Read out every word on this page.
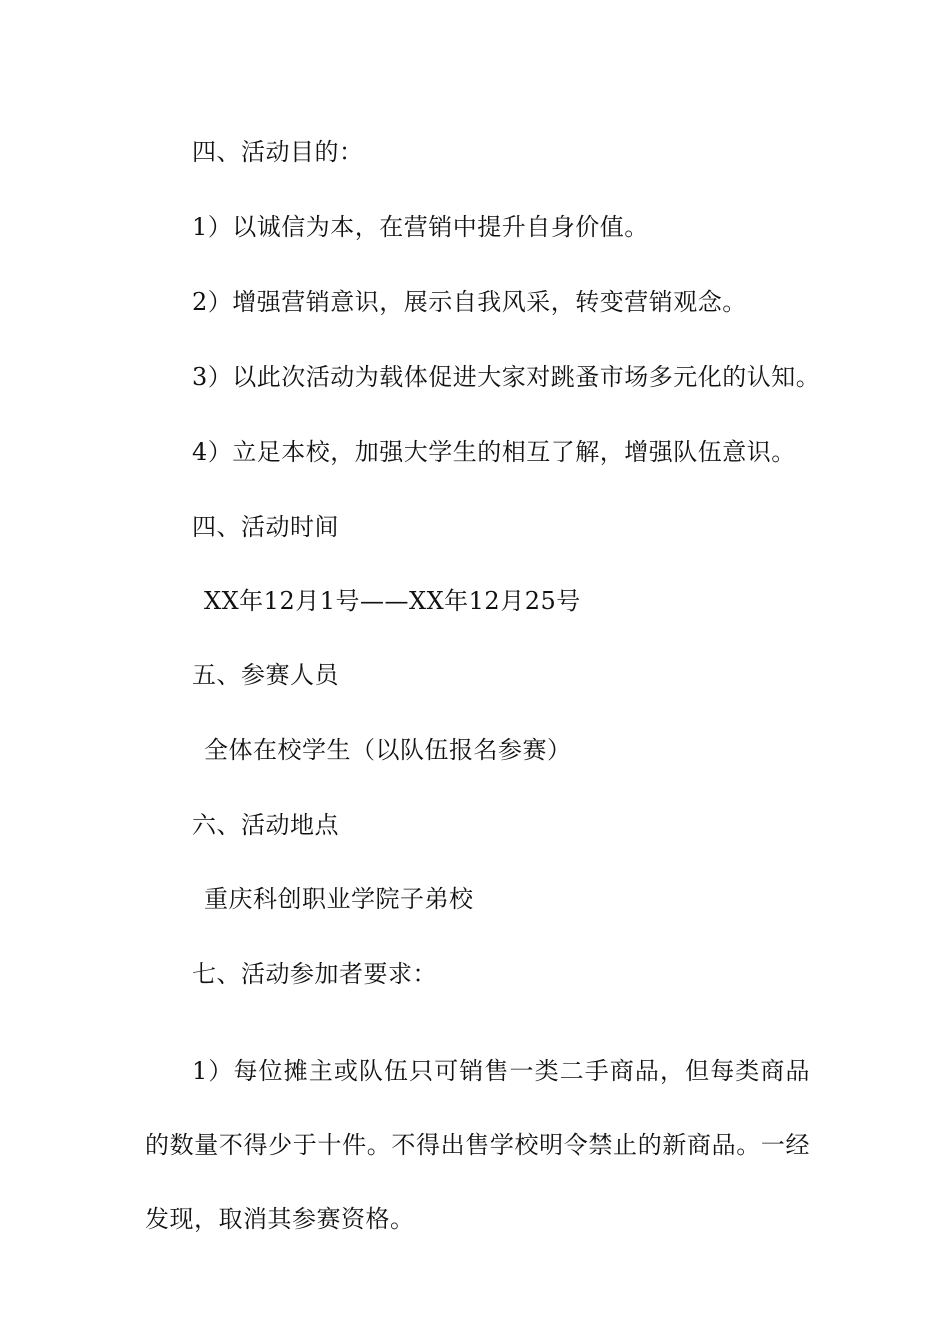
四、活动目的：
1）以诚信为本，在营销中提升自身价值。
2）增强营销意识，展示自我风采，转变营销观念。
3）以此次活动为载体促进大家对跳蚤市场多元化的认知。
4）立足本校，加强大学生的相互了解，增强队伍意识。
四、活动时间
XX年12月1号——XX年12月25号
五、参赛人员
全体在校学生（以队伍报名参赛）
六、活动地点
重庆科创职业学院子弟校
七、活动参加者要求：
1）每位摊主或队伍只可销售一类二手商品，但每类商品的数量不得少于十件。不得出售学校明令禁止的新商品。一经发现，取消其参赛资格。
